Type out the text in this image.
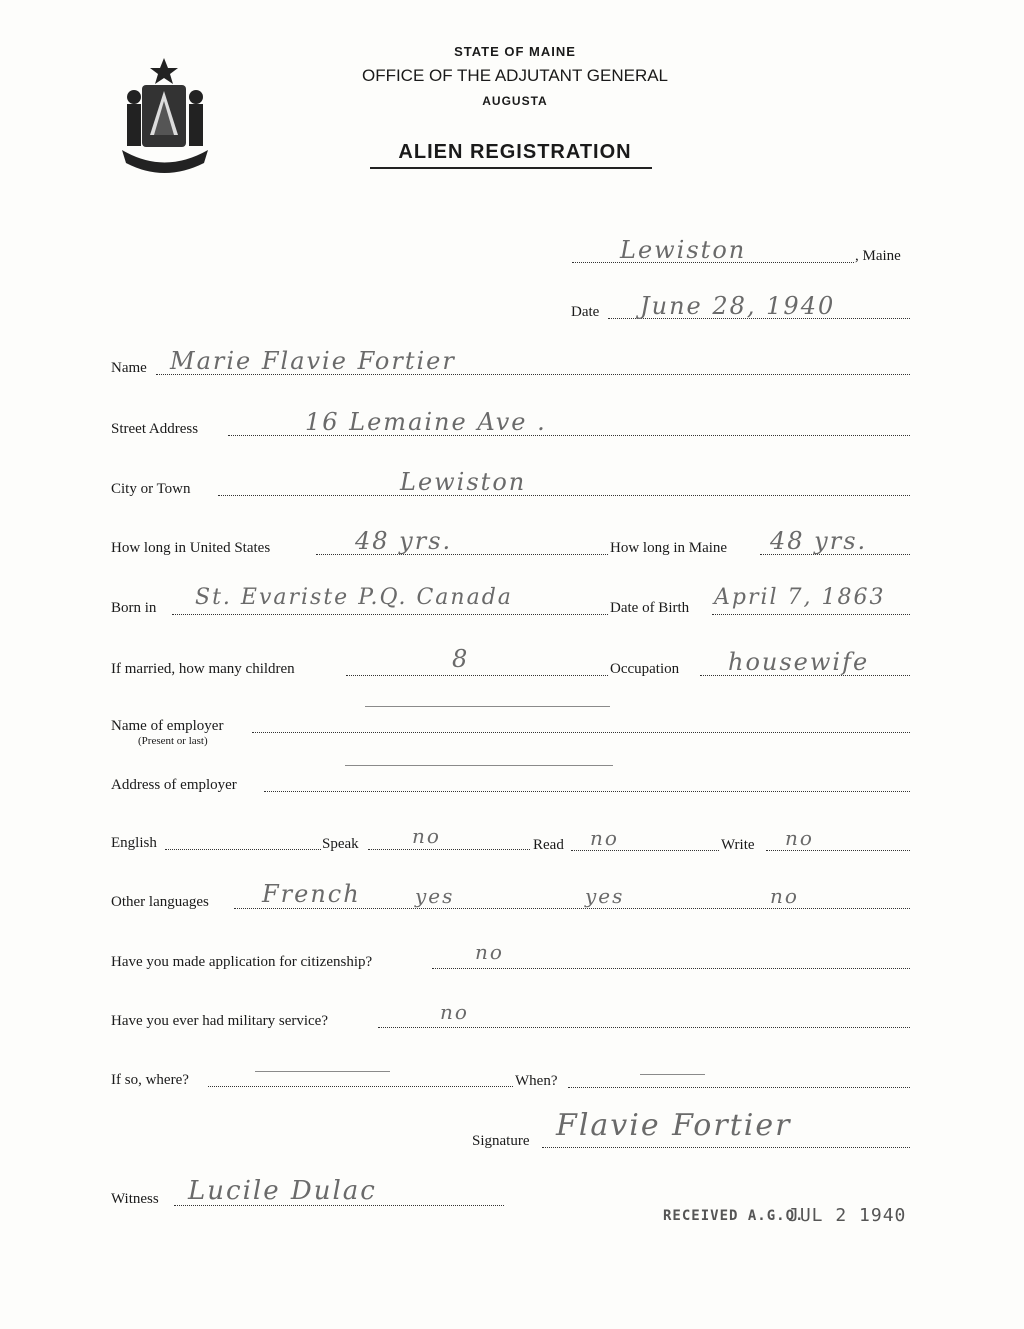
STATE OF MAINE
OFFICE OF THE ADJUTANT GENERAL
AUGUSTA
ALIEN REGISTRATION
Lewiston	, Maine
Date June 28, 1940
Name Marie Flavie Fortier
Street Address	16 Lemaine Ave .
City or Town	Lewiston
How long in United States	48 yrs.	How long in Maine 48 yrs.
Born in St. Evariste P.Q. Canada	Date of Birth April 7, 1863
If married, how many children	8	Occupation housewife
Name of employer
(Present or last)
Address of employer
English	Speak	no	Read no	Write no
Other languages French	yes	yes	no
Have you made application for citizenship?	no
Have you ever had military service?	no
If so, where?	When?
Signature Flavie Fortier
Witness Lucile Dulac
RECEIVED A.G.O.
JUL 2 1940
